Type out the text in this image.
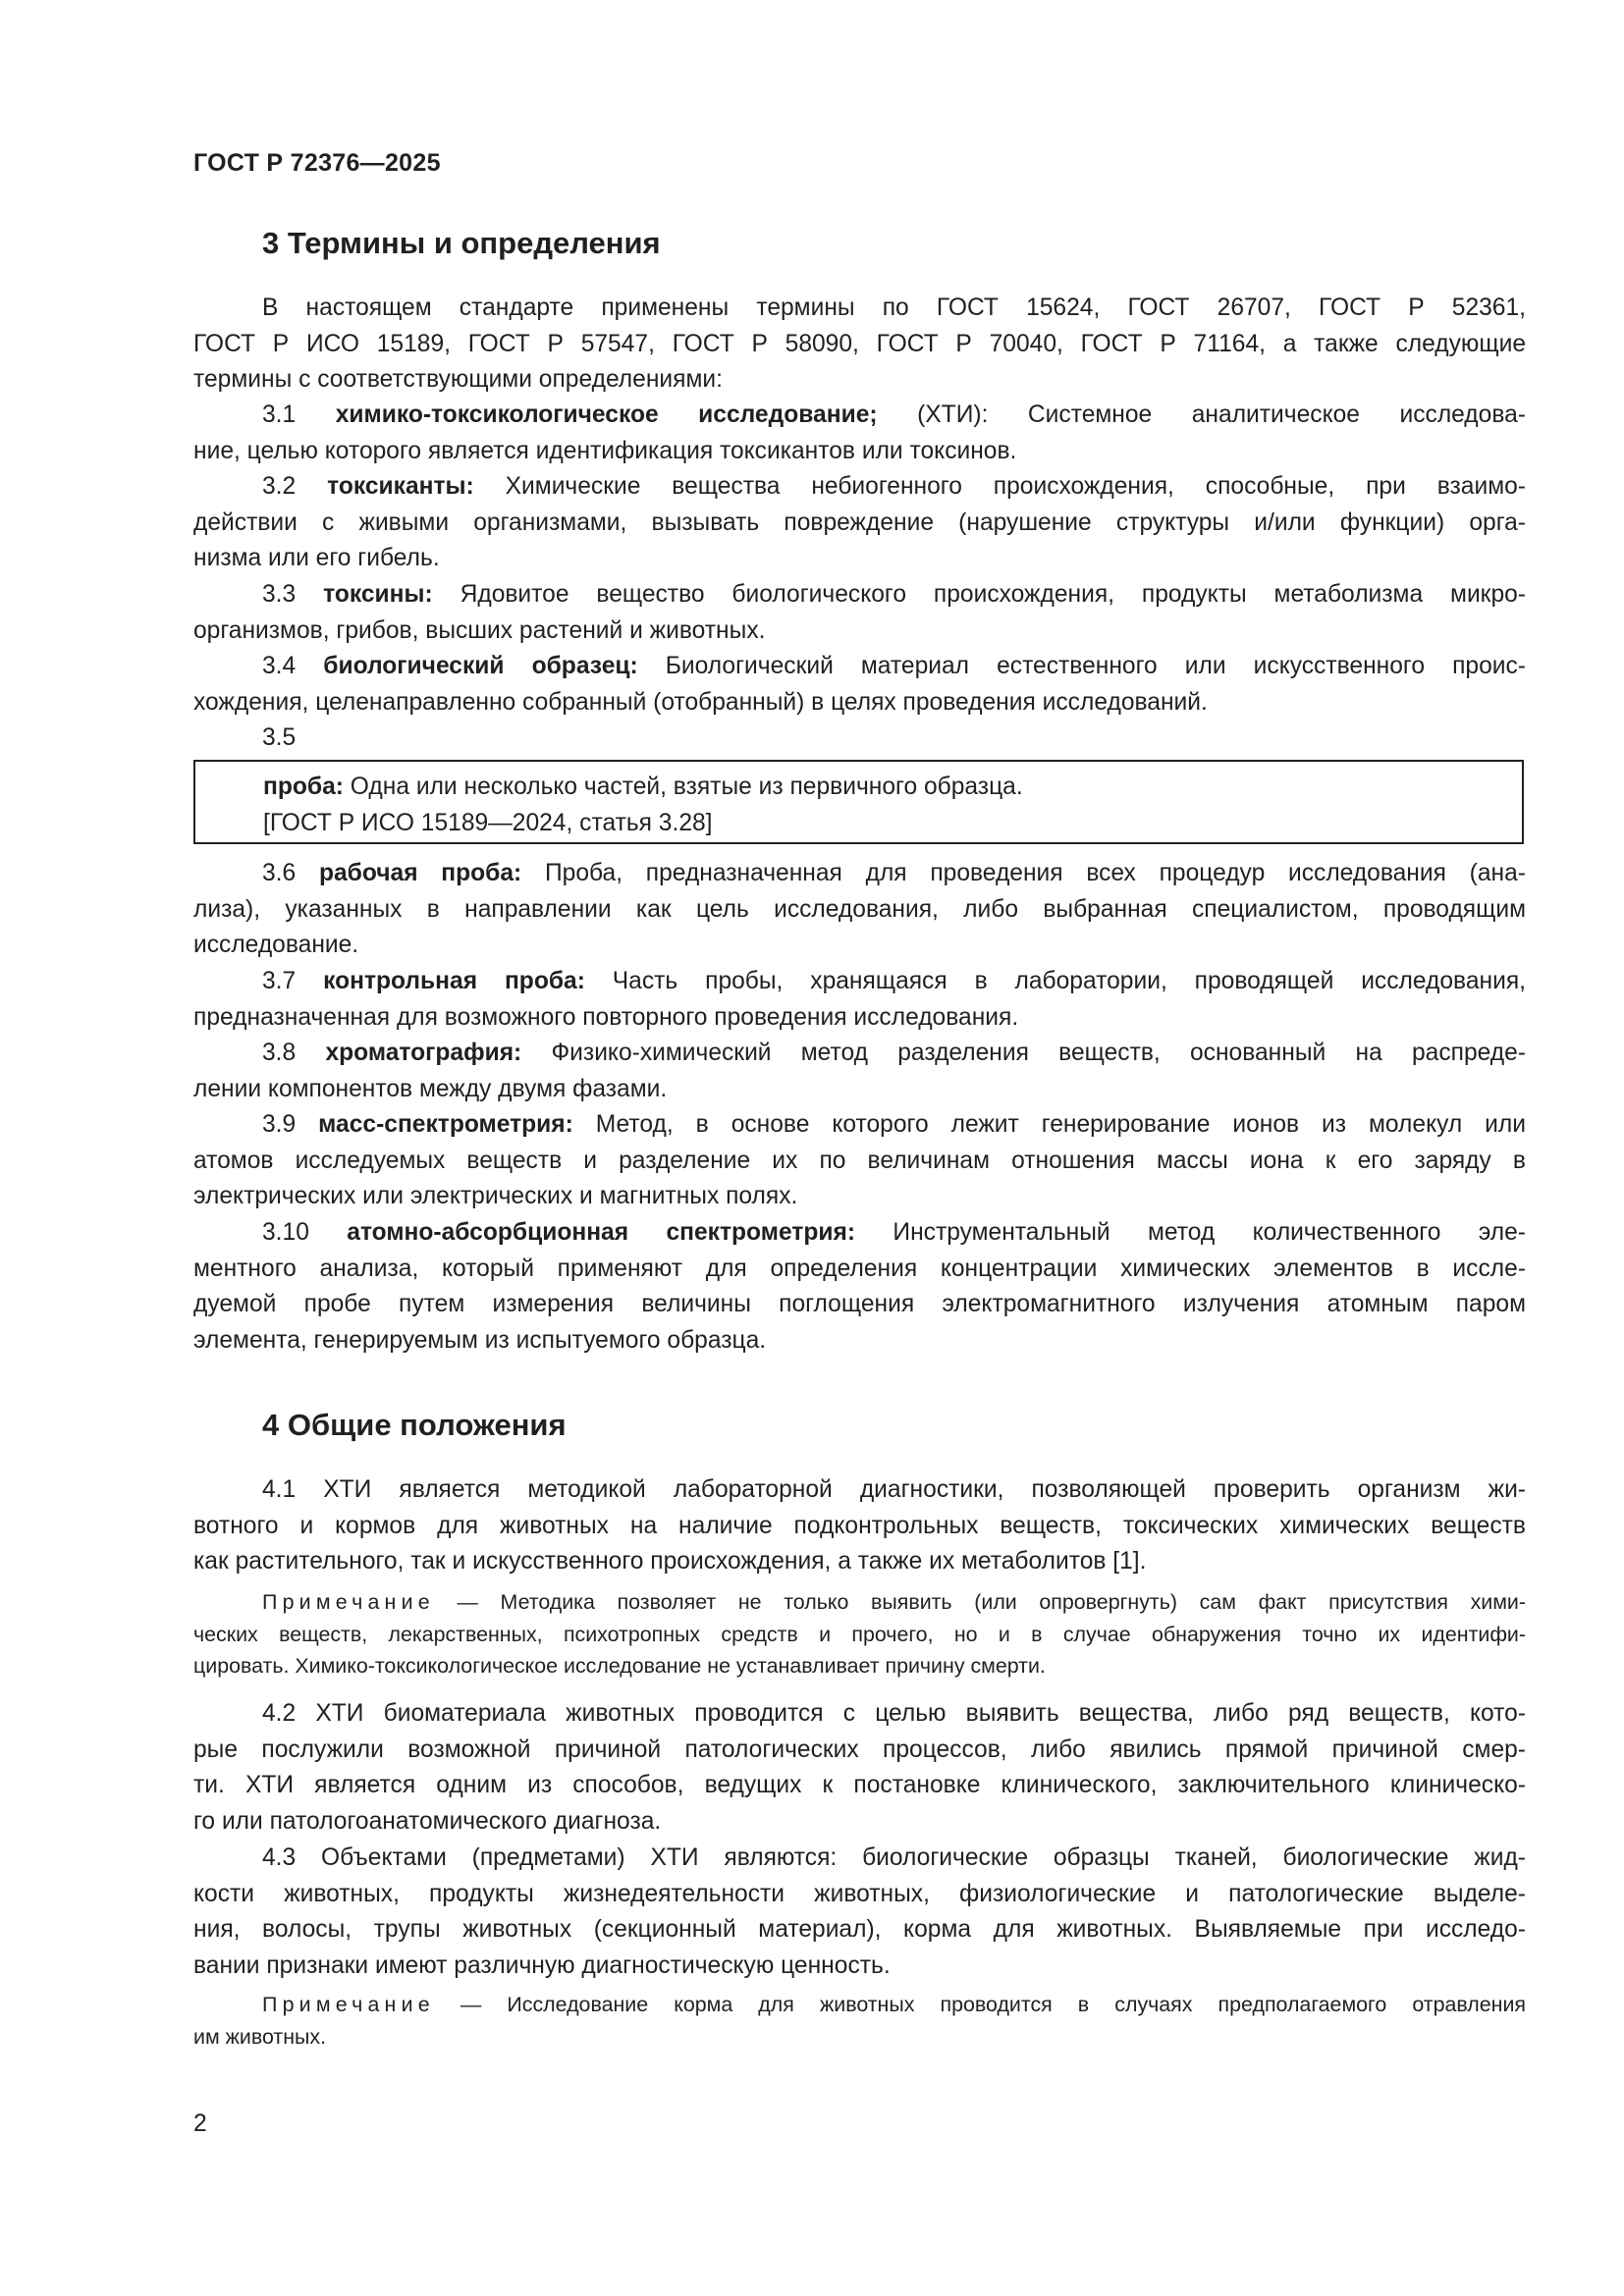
ГОСТ Р 72376—2025
3 Термины и определения
В настоящем стандарте применены термины по ГОСТ 15624, ГОСТ 26707, ГОСТ Р 52361,
ГОСТ Р ИСО 15189, ГОСТ Р 57547, ГОСТ Р 58090, ГОСТ Р 70040, ГОСТ Р 71164, а также следующие
термины с соответствующими определениями:
3.1 химико-токсикологическое исследование; (ХТИ): Системное аналитическое исследова-
ние, целью которого является идентификация токсикантов или токсинов.
3.2 токсиканты: Химические вещества небиогенного происхождения, способные, при взаимо-
действии с живыми организмами, вызывать повреждение (нарушение структуры и/или функции) орга-
низма или его гибель.
3.3 токсины: Ядовитое вещество биологического происхождения, продукты метаболизма микро-
организмов, грибов, высших растений и животных.
3.4 биологический образец: Биологический материал естественного или искусственного проис-
хождения, целенаправленно собранный (отобранный) в целях проведения исследований.
3.5
проба: Одна или несколько частей, взятые из первичного образца.
[ГОСТ Р ИСО 15189—2024, статья 3.28]
3.6 рабочая проба: Проба, предназначенная для проведения всех процедур исследования (ана-
лиза), указанных в направлении как цель исследования, либо выбранная специалистом, проводящим
исследование.
3.7 контрольная проба: Часть пробы, хранящаяся в лаборатории, проводящей исследования,
предназначенная для возможного повторного проведения исследования.
3.8 хроматография: Физико-химический метод разделения веществ, основанный на распреде-
лении компонентов между двумя фазами.
3.9 масс-спектрометрия: Метод, в основе которого лежит генерирование ионов из молекул или
атомов исследуемых веществ и разделение их по величинам отношения массы иона к его заряду в
электрических или электрических и магнитных полях.
3.10 атомно-абсорбционная спектрометрия: Инструментальный метод количественного эле-
ментного анализа, который применяют для определения концентрации химических элементов в иссле-
дуемой пробе путем измерения величины поглощения электромагнитного излучения атомным паром
элемента, генерируемым из испытуемого образца.
4 Общие положения
4.1 ХТИ является методикой лабораторной диагностики, позволяющей проверить организм жи-
вотного и кормов для животных на наличие подконтрольных веществ, токсических химических веществ
как растительного, так и искусственного происхождения, а также их метаболитов [1].
Примечание — Методика позволяет не только выявить (или опровергнуть) сам факт присутствия хими-
ческих веществ, лекарственных, психотропных средств и прочего, но и в случае обнаружения точно их идентифи-
цировать. Химико-токсикологическое исследование не устанавливает причину смерти.
4.2 ХТИ биоматериала животных проводится с целью выявить вещества, либо ряд веществ, кото-
рые послужили возможной причиной патологических процессов, либо явились прямой причиной смер-
ти. ХТИ является одним из способов, ведущих к постановке клинического, заключительного клиническо-
го или патологоанатомического диагноза.
4.3 Объектами (предметами) ХТИ являются: биологические образцы тканей, биологические жид-
кости животных, продукты жизнедеятельности животных, физиологические и патологические выделе-
ния, волосы, трупы животных (секционный материал), корма для животных. Выявляемые при исследо-
вании признаки имеют различную диагностическую ценность.
Примечание — Исследование корма для животных проводится в случаях предполагаемого отравления
им животных.
2
